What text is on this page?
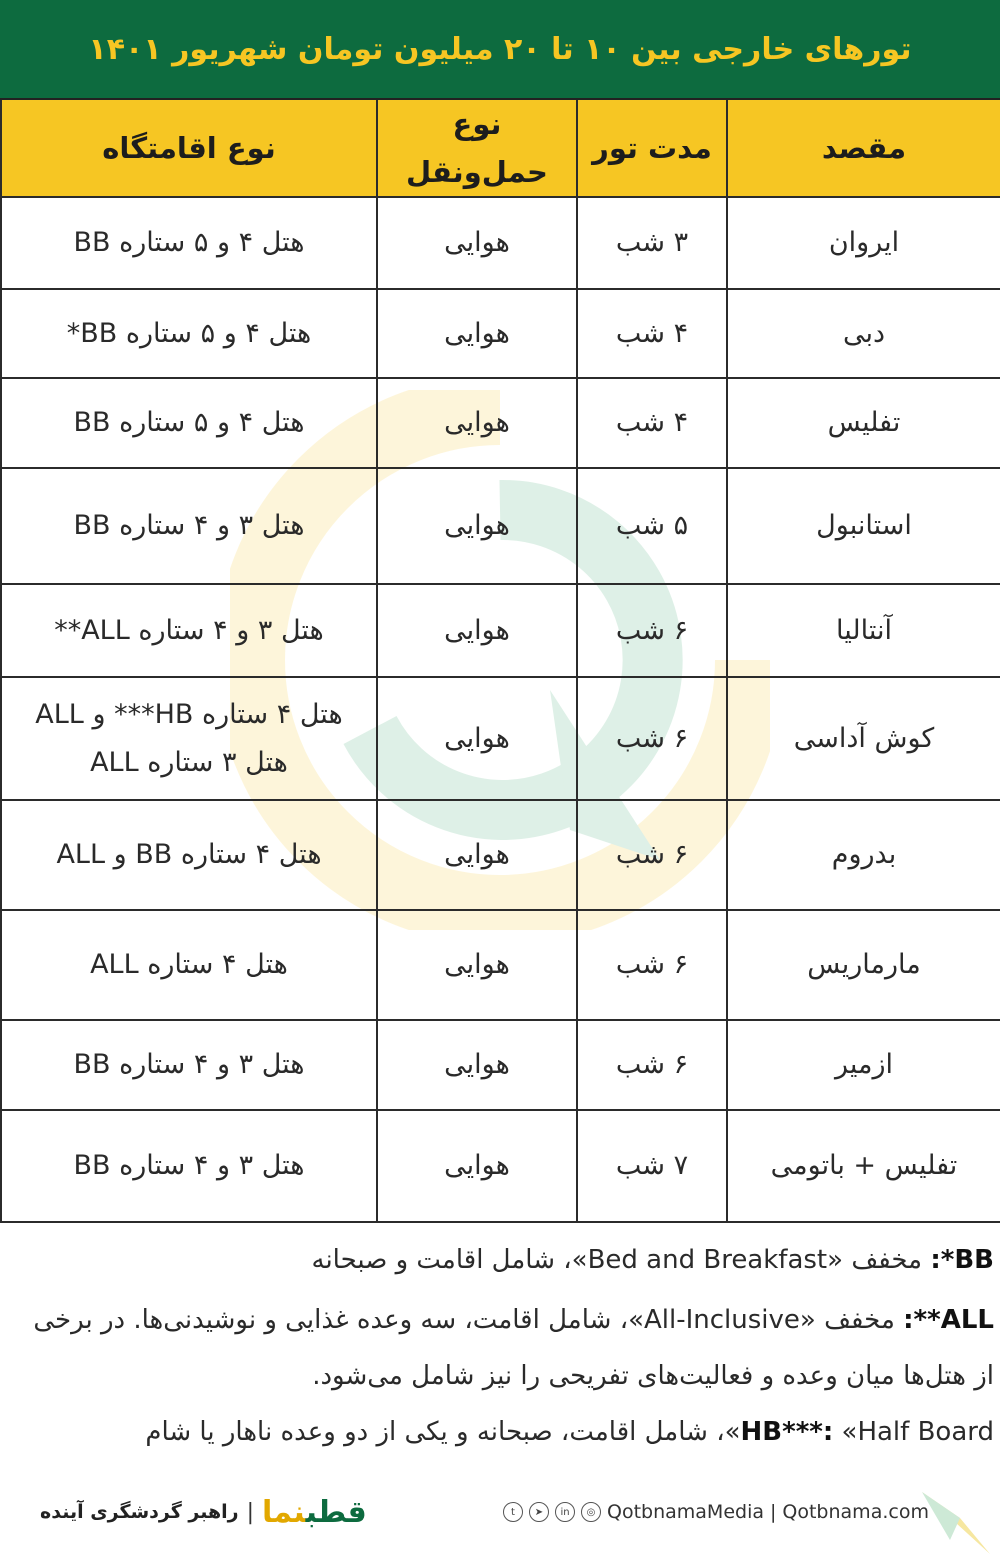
تورهای خارجی بین ۱۰ تا ۲۰ میلیون تومان شهریور ۱۴۰۱
مقصد	مدت تور	نوع حمل‌ونقل	نوع اقامتگاه
ایروان	۳ شب	هوایی	هتل ۴ و ۵ ستاره BB
دبی	۴ شب	هوایی	هتل ۴ و ۵ ستاره BB*
تفلیس	۴ شب	هوایی	هتل ۴ و ۵ ستاره BB
استانبول	۵ شب	هوایی	هتل ۳ و ۴ ستاره BB
آنتالیا	۶ شب	هوایی	هتل ۳ و ۴ ستاره ALL**
کوش آداسی	۶ شب	هوایی	هتل ۴ ستاره HB*** و ALL
هتل ۳ ستاره ALL

بدروم	۶ شب	هوایی	هتل ۴ ستاره BB و ALL
مارماریس	۶ شب	هوایی	هتل ۴ ستاره ALL
ازمیر	۶ شب	هوایی	هتل ۳ و ۴ ستاره BB
تفلیس + باتومی	۷ شب	هوایی	هتل ۳ و ۴ ستاره BB

BB*: مخفف «Bed and Breakfast»، شامل اقامت و صبحانه

ALL**: مخفف «All-Inclusive»، شامل اقامت، سه وعده غذایی و نوشیدنی‌ها. در برخی از هتل‌ها میان وعده و فعالیت‌های تفریحی را نیز شامل می‌شود.

HB***: «Half Board»، شامل اقامت، صبحانه و یکی از دو وعده ناهار یا شام

قطبنما
|
راهبر گردشگری آینده	t	➤	in	◎ QotbnamaMedia | Qotbnama.com
